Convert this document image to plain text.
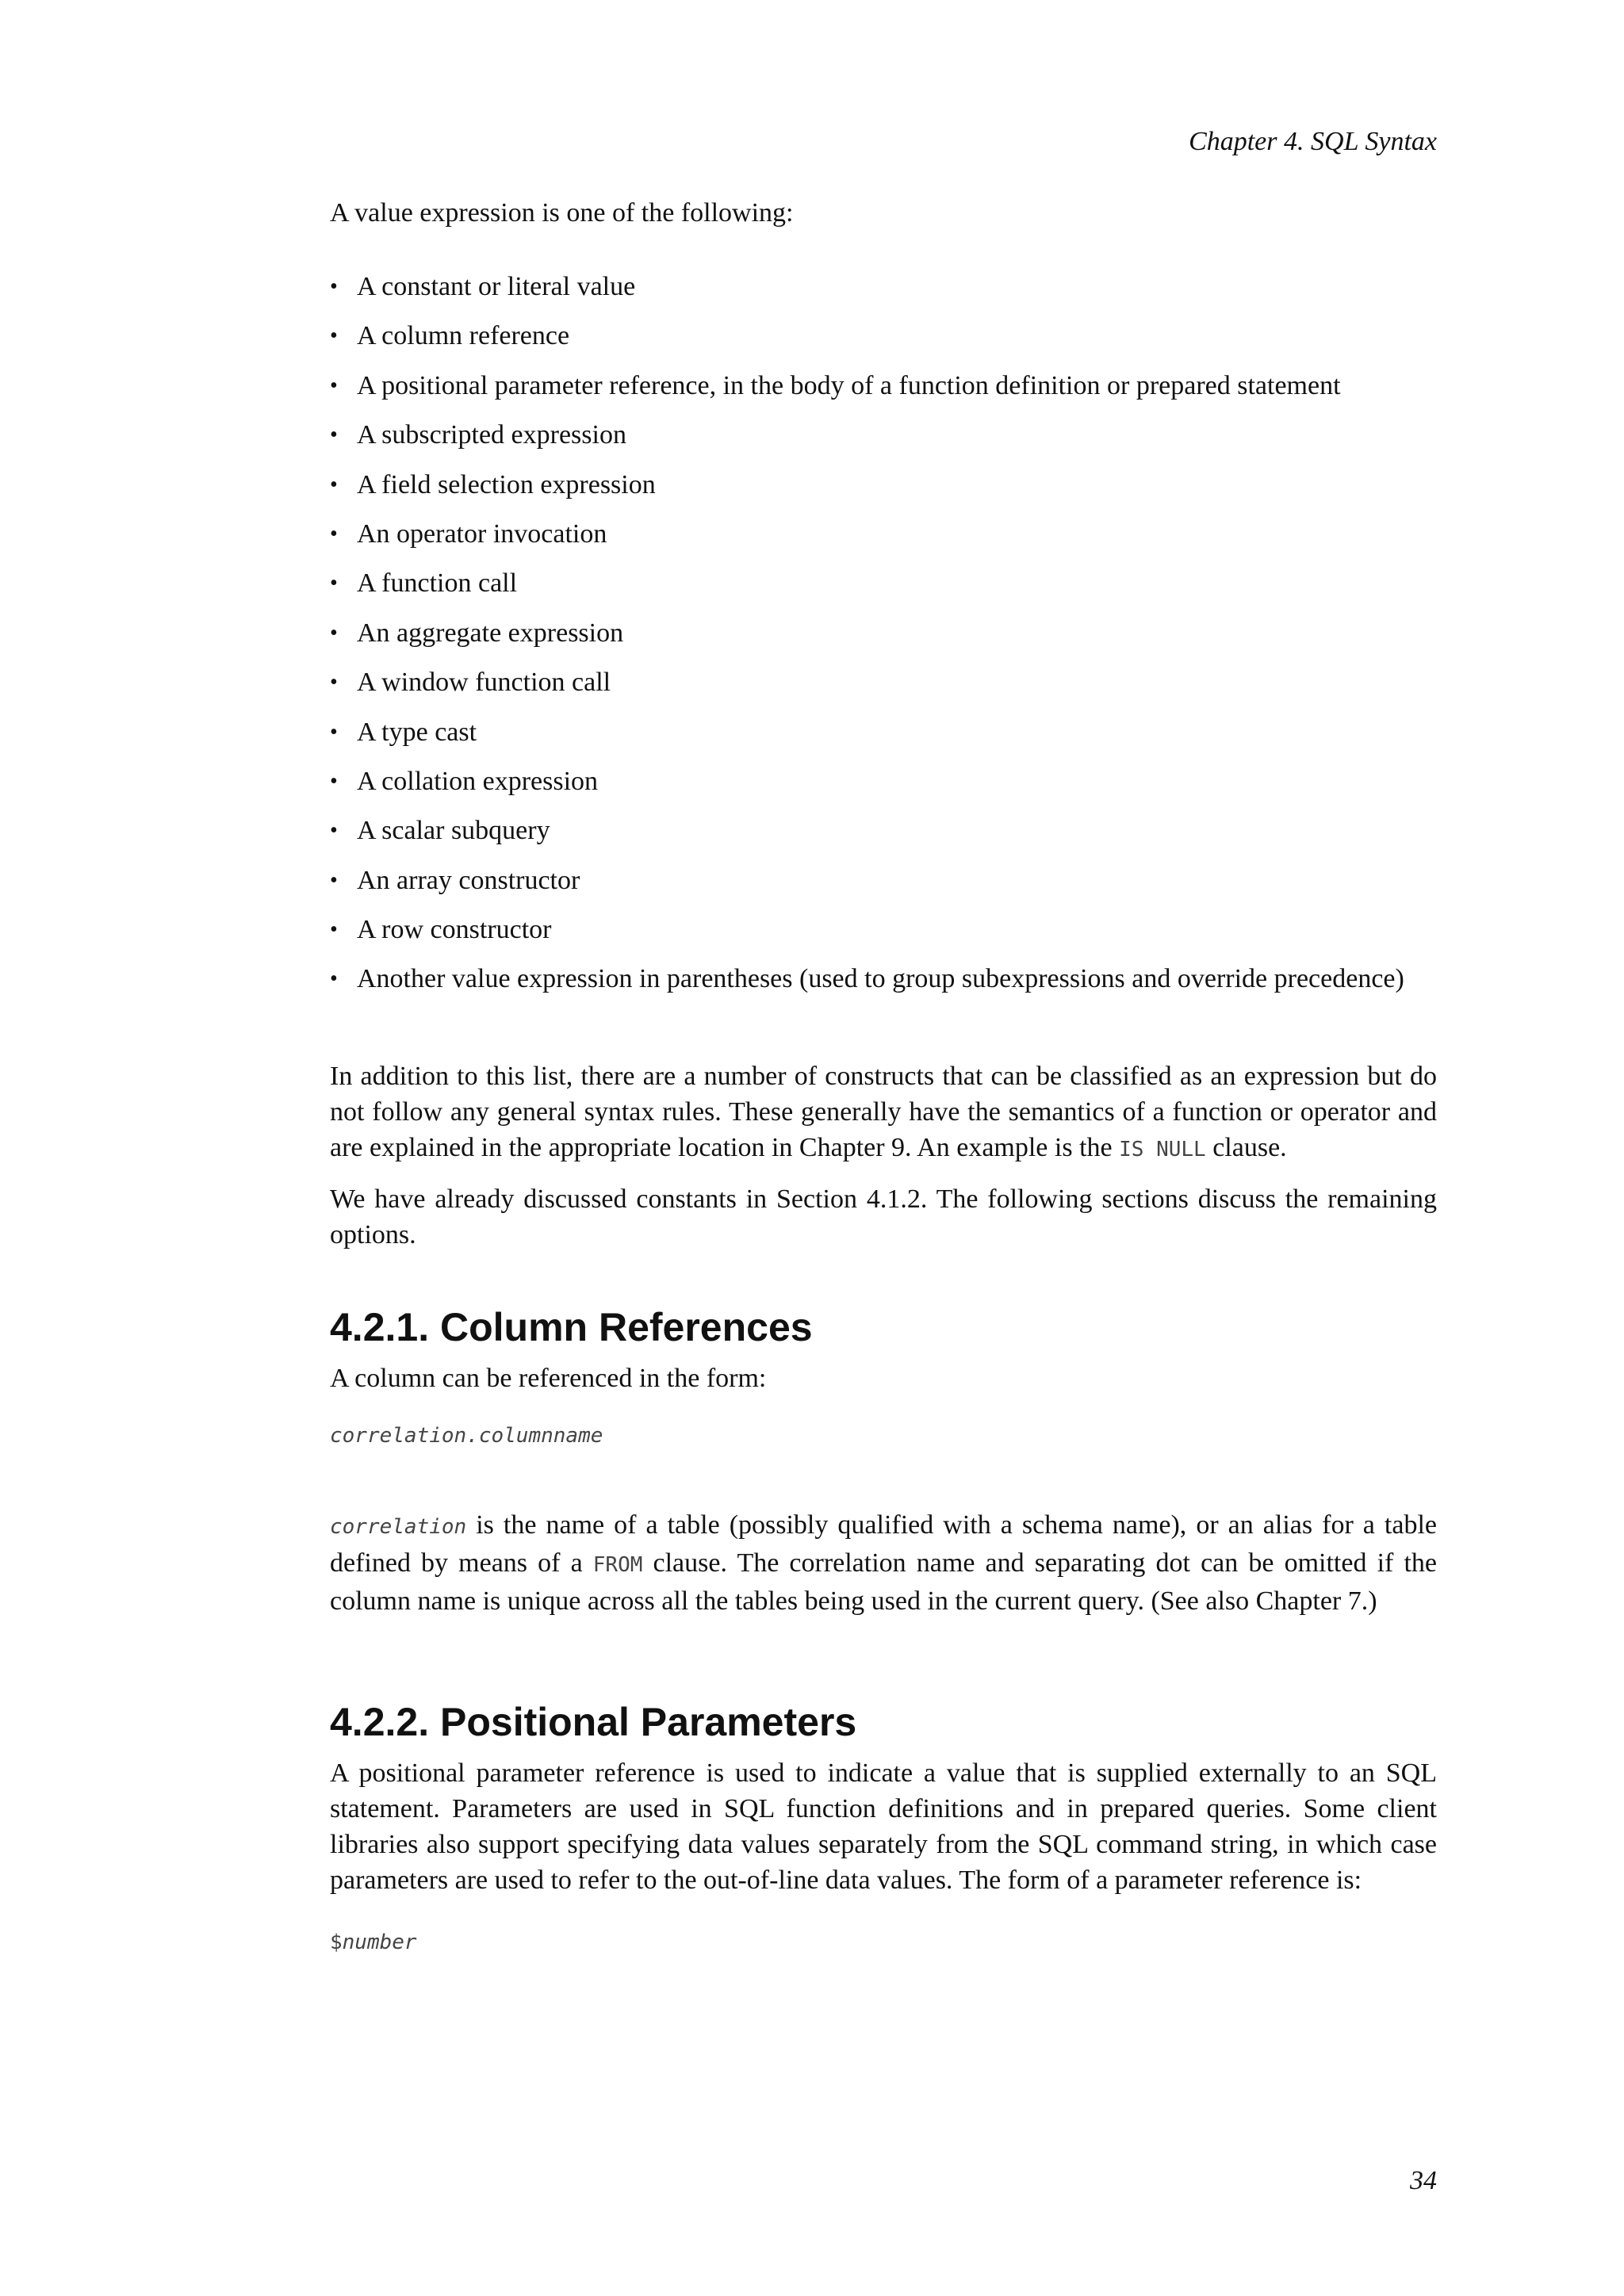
Chapter 4. SQL Syntax

A value expression is one of the following:

• A constant or literal value
• A column reference
• A positional parameter reference, in the body of a function definition or prepared statement
• A subscripted expression
• A field selection expression
• An operator invocation
• A function call
• An aggregate expression
• A window function call
• A type cast
• A collation expression
• A scalar subquery
• An array constructor
• A row constructor
• Another value expression in parentheses (used to group subexpressions and override precedence)

In addition to this list, there are a number of constructs that can be classified as an expression but do not follow any general syntax rules. These generally have the semantics of a function or operator and are explained in the appropriate location in Chapter 9. An example is the IS NULL clause.

We have already discussed constants in Section 4.1.2. The following sections discuss the remaining options.

4.2.1. Column References

A column can be referenced in the form:

correlation.columnname

correlation is the name of a table (possibly qualified with a schema name), or an alias for a table defined by means of a FROM clause. The correlation name and separating dot can be omitted if the column name is unique across all the tables being used in the current query. (See also Chapter 7.)

4.2.2. Positional Parameters

A positional parameter reference is used to indicate a value that is supplied externally to an SQL statement. Parameters are used in SQL function definitions and in prepared queries. Some client libraries also support specifying data values separately from the SQL command string, in which case parameters are used to refer to the out-of-line data values. The form of a parameter reference is:

$number
34
